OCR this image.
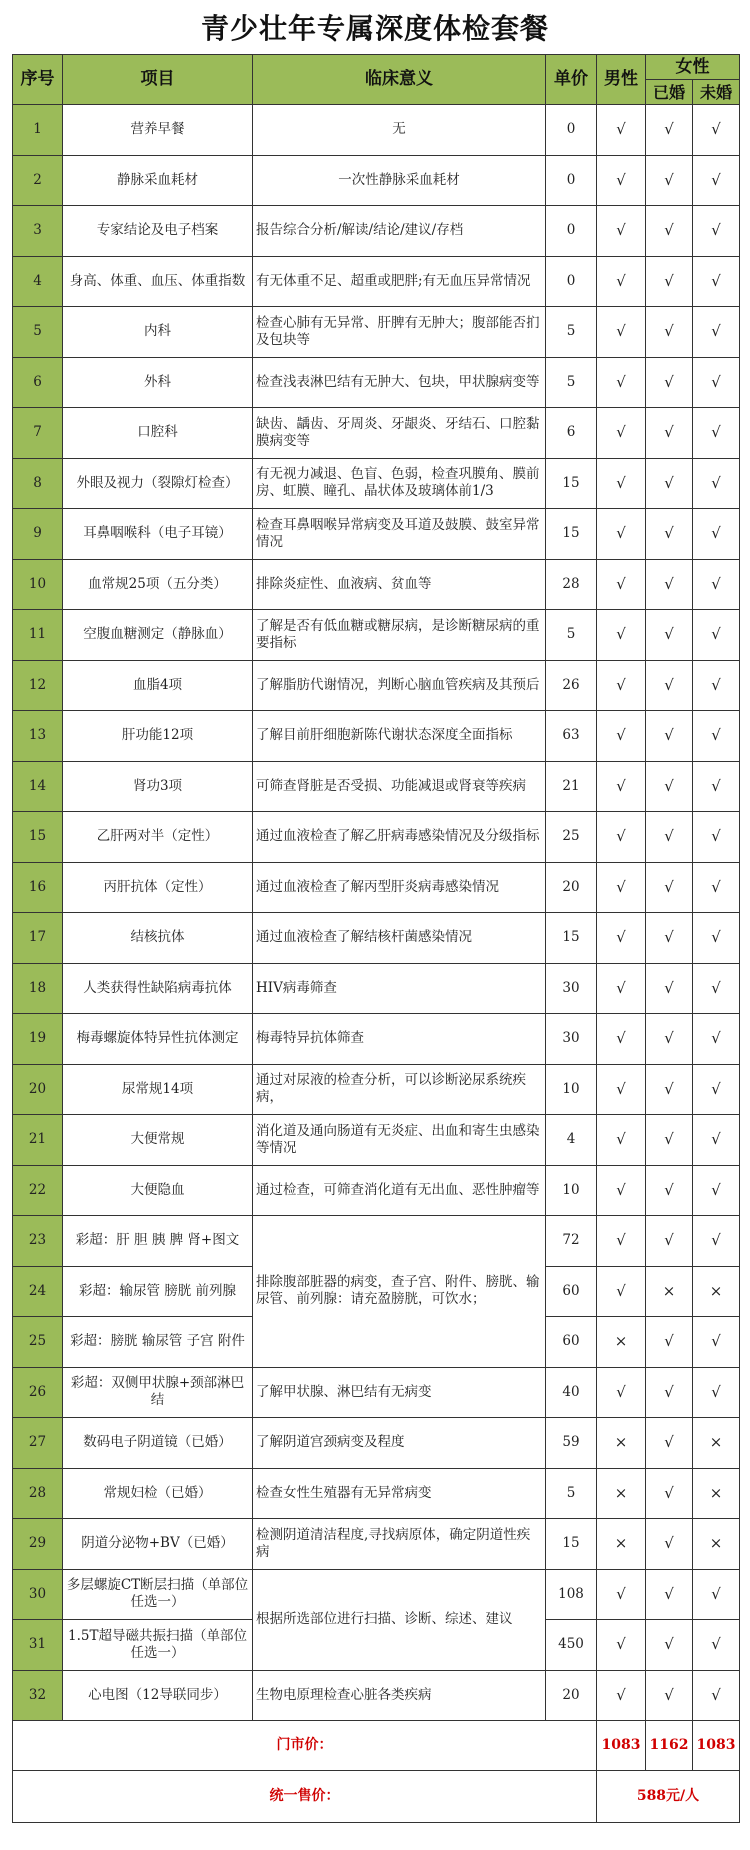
青少壮年专属深度体检套餐
序号	项目	临床意义	单价	男性	女性	
					已婚	未婚
1	营养早餐	无	0	√	√	√
2	静脉采血耗材	一次性静脉采血耗材	0	√	√	√
3	专家结论及电子档案	报告综合分析/解读/结论/建议/存档	0	√	√	√
4	身高、体重、血压、体重指数	有无体重不足、超重或肥胖;有无血压异常情况	0	√	√	√
5	内科	检查心肺有无异常、肝脾有无肿大；腹部能否扪及包块等	5	√	√	√
6	外科	检查浅表淋巴结有无肿大、包块，甲状腺病变等	5	√	√	√
7	口腔科	缺齿、龋齿、牙周炎、牙龈炎、牙结石、口腔黏膜病变等	6	√	√	√
8	外眼及视力（裂隙灯检查）	有无视力减退、色盲、色弱，检查巩膜角、膜前房、虹膜、瞳孔、晶状体及玻璃体前1/3	15	√	√	√
9	耳鼻咽喉科（电子耳镜）	检查耳鼻咽喉异常病变及耳道及鼓膜、鼓室异常情况	15	√	√	√
10	血常规25项（五分类）	排除炎症性、血液病、贫血等	28	√	√	√
11	空腹血糖测定（静脉血）	了解是否有低血糖或糖尿病，是诊断糖尿病的重要指标	5	√	√	√
12	血脂4项	了解脂肪代谢情况，判断心脑血管疾病及其预后	26	√	√	√
13	肝功能12项	了解目前肝细胞新陈代谢状态深度全面指标	63	√	√	√
14	肾功3项	可筛查肾脏是否受损、功能减退或肾衰等疾病	21	√	√	√
15	乙肝两对半（定性）	通过血液检查了解乙肝病毒感染情况及分级指标	25	√	√	√
16	丙肝抗体（定性）	通过血液检查了解丙型肝炎病毒感染情况	20	√	√	√
17	结核抗体	通过血液检查了解结核杆菌感染情况	15	√	√	√
18	人类获得性缺陷病毒抗体	HIV病毒筛查	30	√	√	√
19	梅毒螺旋体特异性抗体测定	梅毒特异抗体筛查	30	√	√	√
20	尿常规14项	通过对尿液的检查分析，可以诊断泌尿系统疾病，	10	√	√	√
21	大便常规	消化道及通向肠道有无炎症、出血和寄生虫感染等情况	4	√	√	√
22	大便隐血	通过检查，可筛查消化道有无出血、恶性肿瘤等	10	√	√	√
23	彩超：肝 胆 胰 脾 肾+图文	排除腹部脏器的病变，查子宫、附件、膀胱、输尿管、前列腺：请充盈膀胱，可饮水；	72	√	√	√
24	彩超：输尿管 膀胱 前列腺		60	√	×	×
25	彩超：膀胱 输尿管 子宫 附件		60	×	√	√
26	彩超：双侧甲状腺+颈部淋巴结	了解甲状腺、淋巴结有无病变	40	√	√	√
27	数码电子阴道镜（已婚）	了解阴道宫颈病变及程度	59	×	√	×
28	常规妇检（已婚）	检查女性生殖器有无异常病变	5	×	√	×
29	阴道分泌物+BV（已婚）	检测阴道清洁程度,寻找病原体，确定阴道性疾病	15	×	√	×
30	多层螺旋CT断层扫描（单部位任选一）	根据所选部位进行扫描、诊断、综述、建议	108	√	√	√
31	1.5T超导磁共振扫描（单部位任选一）		450	√	√	√
32	心电图（12导联同步）	生物电原理检查心脏各类疾病	20	√	√	√
门市价：				1083	1162	1083
统一售价：				588元/人		
